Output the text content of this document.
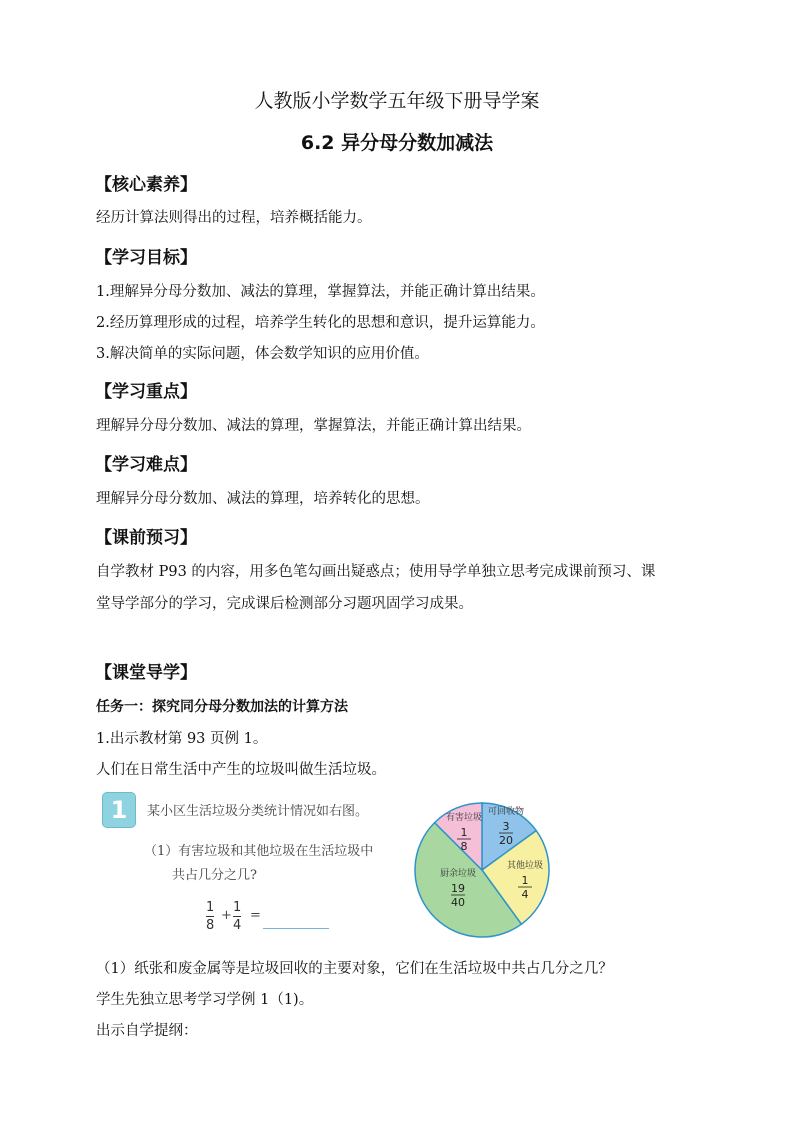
人教版小学数学五年级下册导学案
6.2 异分母分数加减法
【核心素养】
经历计算法则得出的过程，培养概括能力。
【学习目标】
1.理解异分母分数加、减法的算理，掌握算法，并能正确计算出结果。
2.经历算理形成的过程，培养学生转化的思想和意识，提升运算能力。
3.解决简单的实际问题，体会数学知识的应用价值。
【学习重点】
理解异分母分数加、减法的算理，掌握算法，并能正确计算出结果。
【学习难点】
理解异分母分数加、减法的算理，培养转化的思想。
【课前预习】
自学教材 P93 的内容，用多色笔勾画出疑惑点；使用导学单独立思考完成课前预习、课
堂导学部分的学习，完成课后检测部分习题巩固学习成果。
【课堂导学】
任务一：探究同分母分数加法的计算方法
1.出示教材第 93 页例 1。
人们在日常生活中产生的垃圾叫做生活垃圾。
1	某小区生活垃圾分类统计情况如右图。
（1）有害垃圾和其他垃圾在生活垃圾中
共占几分之几?
1
8
+
1
4
=
可回收物
3
20
其他垃圾
1
4
厨余垃圾
19
40
有害垃圾
1
8
（1）纸张和废金属等是垃圾回收的主要对象，它们在生活垃圾中共占几分之几？
学生先独立思考学习学例 1（1)。
出示自学提纲：
